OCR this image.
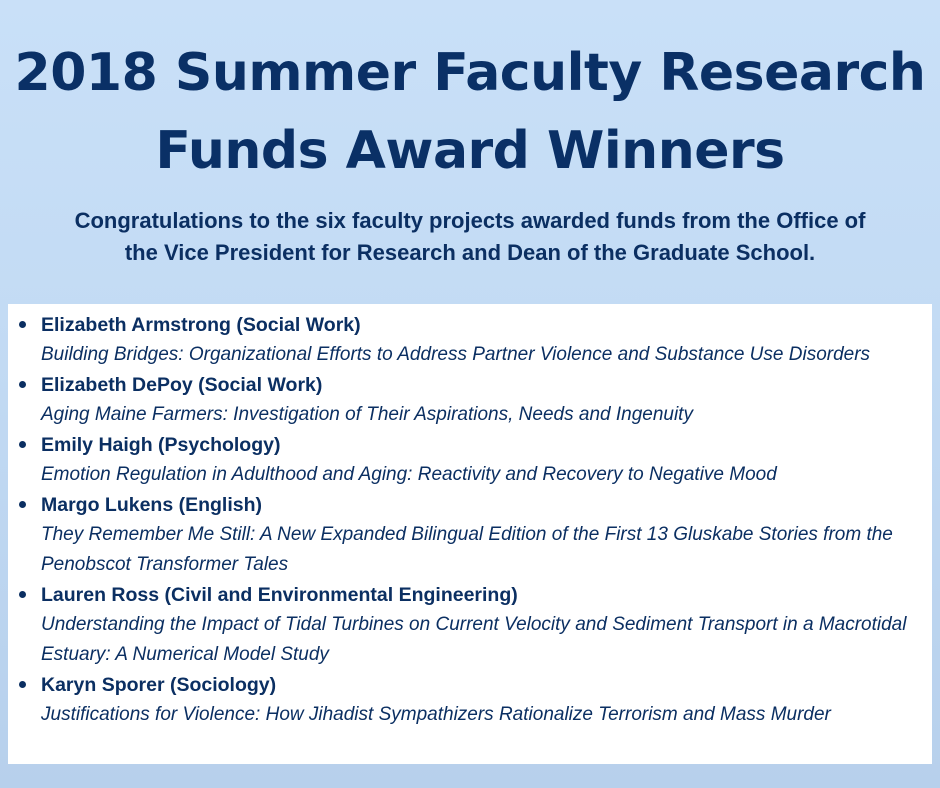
2018 Summer Faculty Research
Funds Award Winners

Congratulations to the six faculty projects awarded funds from the Office of
the Vice President for Research and Dean of the Graduate School.

Elizabeth Armstrong (Social Work)
Building Bridges: Organizational Efforts to Address Partner Violence and Substance Use Disorders
Elizabeth DePoy (Social Work)
Aging Maine Farmers: Investigation of Their Aspirations, Needs and Ingenuity
Emily Haigh (Psychology)
Emotion Regulation in Adulthood and Aging: Reactivity and Recovery to Negative Mood
Margo Lukens (English)
They Remember Me Still: A New Expanded Bilingual Edition of the First 13 Gluskabe Stories from the Penobscot Transformer Tales
Lauren Ross (Civil and Environmental Engineering)
Understanding the Impact of Tidal Turbines on Current Velocity and Sediment Transport in a Macrotidal Estuary: A Numerical Model Study
Karyn Sporer (Sociology)
Justifications for Violence: How Jihadist Sympathizers Rationalize Terrorism and Mass Murder
